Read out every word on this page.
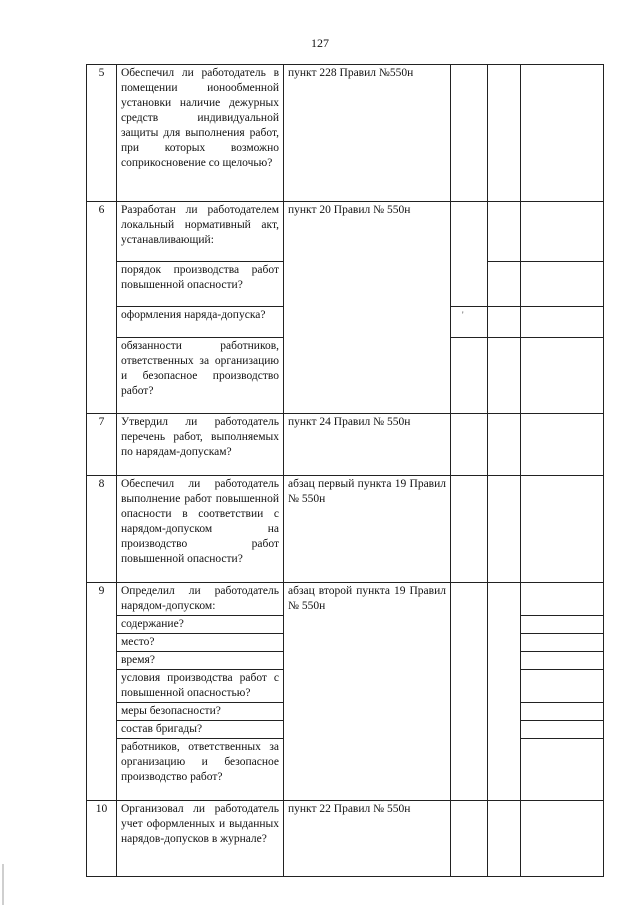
127
5	Обеспечил ли работодатель в помещении ионообменной установки наличие дежурных средств индивидуальной защиты для выполнения работ, при которых возможно соприкосновение со щелочью?	пункт 228 Правил №550н			
6	Разработан ли работодателем локальный нормативный акт, устанавливающий:	пункт 20 Правил № 550н			
	порядок производства работ повышенной опасности?				
	оформления наряда-допуска?				
	обязанности работников, ответственных за организацию и безопасное производство работ?				
7	Утвердил ли работодатель перечень работ, выполняемых по нарядам-допускам?	пункт 24 Правил № 550н			
8	Обеспечил ли работодатель выполнение работ повышенной опасности в соответствии с нарядом-допуском на производство работ повышенной опасности?	абзац первый пункта 19 Правил № 550н			
9	Определил ли работодатель нарядом-допуском:	абзац второй пункта 19 Правил № 550н			
	содержание?				
	место?				
	время?				
	условия производства работ с повышенной опасностью?				
	меры безопасности?				
	состав бригады?				
	работников, ответственных за организацию и безопасное производство работ?				
10	Организовал ли работодатель учет оформленных и выданных нарядов-допусков в журнале?	пункт 22 Правил № 550н			
'
